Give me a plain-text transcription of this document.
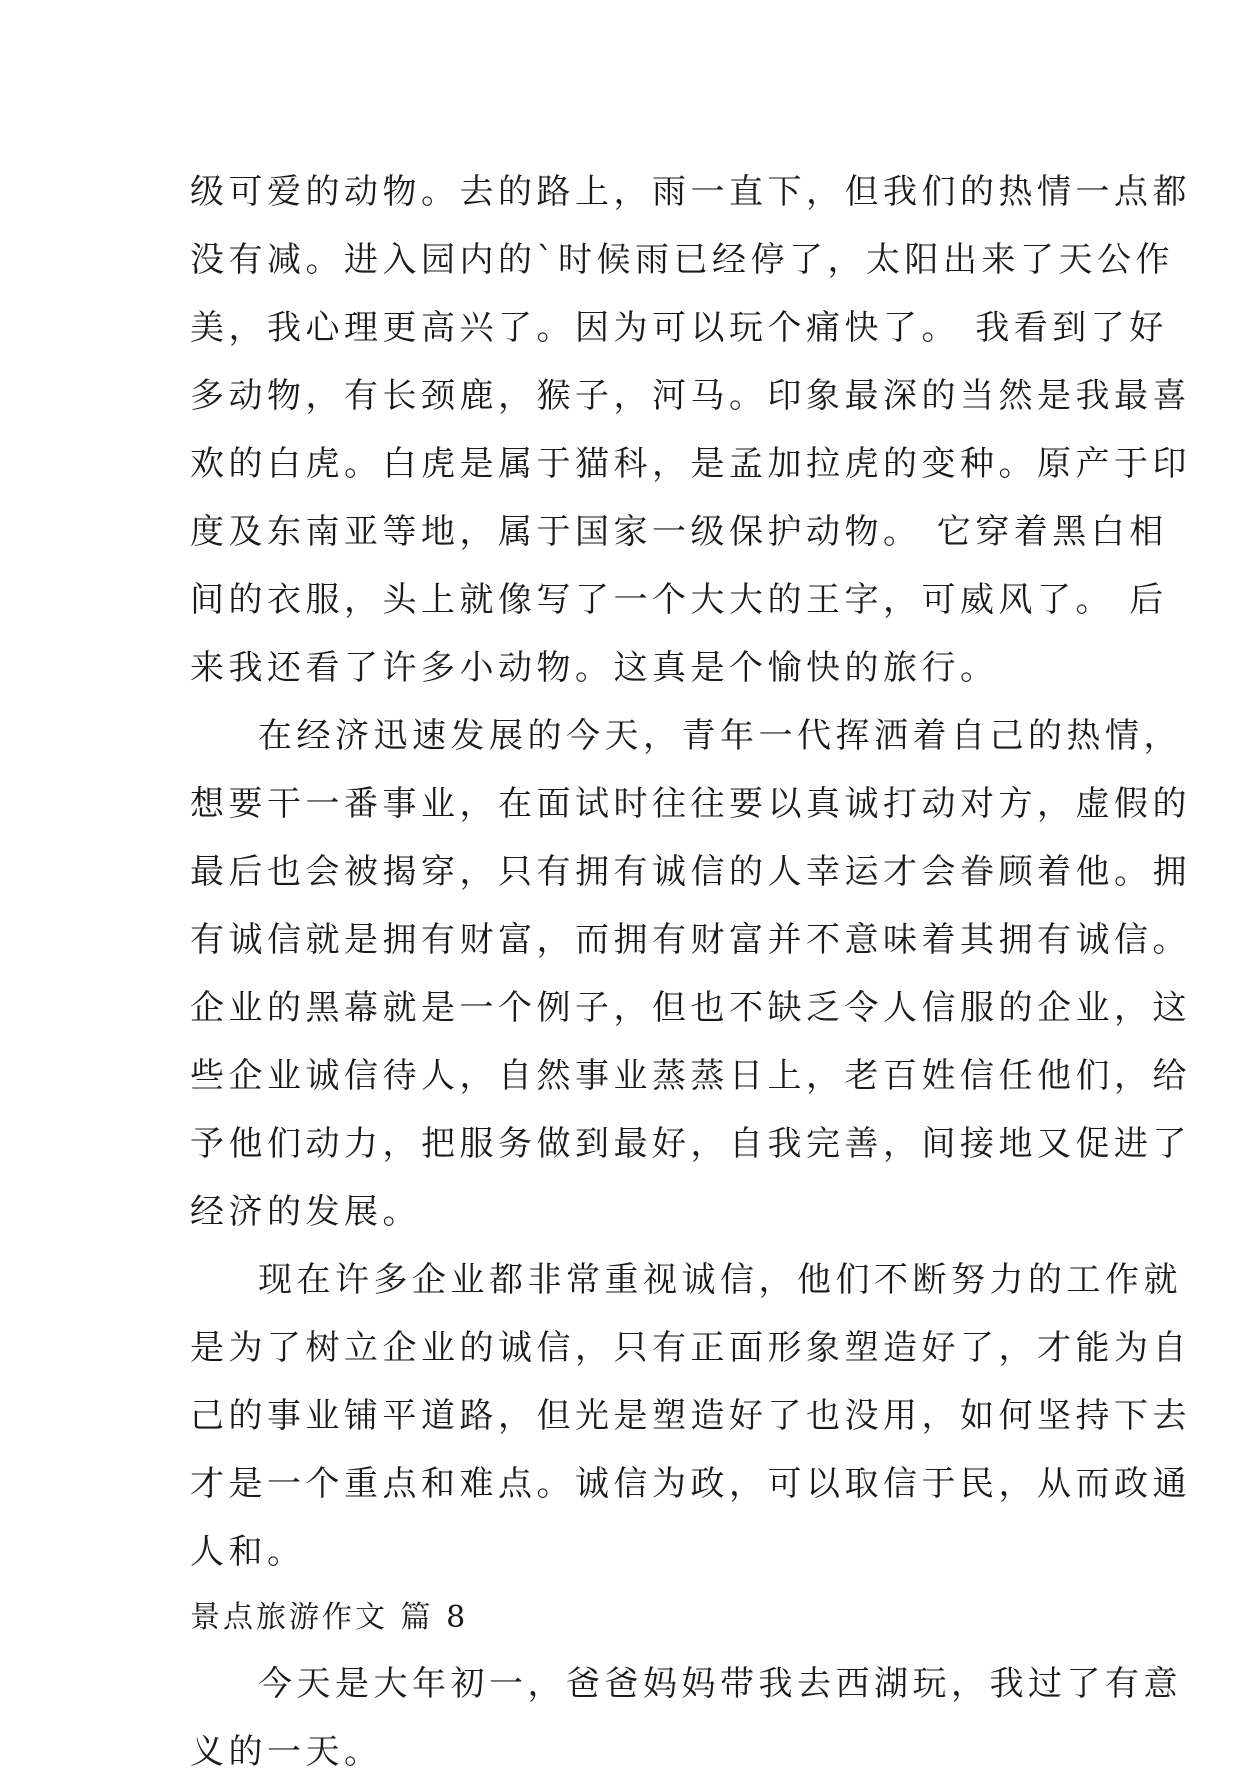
级可爱的动物。去的路上，雨一直下，但我们的热情一点都
没有减。进入园内的`时候雨已经停了，太阳出来了天公作
美，我心理更高兴了。因为可以玩个痛快了。 我看到了好
多动物，有长颈鹿，猴子，河马。印象最深的当然是我最喜
欢的白虎。白虎是属于猫科，是孟加拉虎的变种。原产于印
度及东南亚等地，属于国家一级保护动物。 它穿着黑白相
间的衣服，头上就像写了一个大大的王字，可威风了。 后
来我还看了许多小动物。这真是个愉快的旅行。
在经济迅速发展的今天，青年一代挥洒着自己的热情，
想要干一番事业，在面试时往往要以真诚打动对方，虚假的
最后也会被揭穿，只有拥有诚信的人幸运才会眷顾着他。拥
有诚信就是拥有财富，而拥有财富并不意味着其拥有诚信。
企业的黑幕就是一个例子，但也不缺乏令人信服的企业，这
些企业诚信待人，自然事业蒸蒸日上，老百姓信任他们，给
予他们动力，把服务做到最好，自我完善，间接地又促进了
经济的发展。
现在许多企业都非常重视诚信，他们不断努力的工作就
是为了树立企业的诚信，只有正面形象塑造好了，才能为自
己的事业铺平道路，但光是塑造好了也没用，如何坚持下去
才是一个重点和难点。诚信为政，可以取信于民，从而政通
人和。
景点旅游作文 篇 8
今天是大年初一，爸爸妈妈带我去西湖玩，我过了有意
义的一天。
